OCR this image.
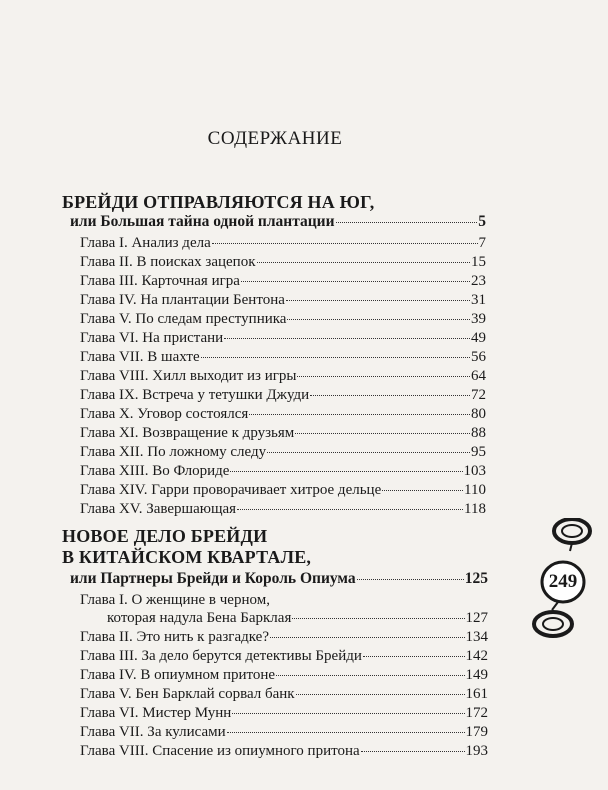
СОДЕРЖАНИЕ
БРЕЙДИ ОТПРАВЛЯЮТСЯ НА ЮГ,
или Большая тайна одной плантации	5
Глава I. Анализ дела	7
Глава II. В поисках зацепок	15
Глава III. Карточная игра	23
Глава IV. На плантации Бентона	31
Глава V. По следам преступника	39
Глава VI. На пристани	49
Глава VII. В шахте	56
Глава VIII. Хилл выходит из игры	64
Глава IX. Встреча у тетушки Джуди	72
Глава X. Уговор состоялся	80
Глава XI. Возвращение к друзьям	88
Глава XII. По ложному следу	95
Глава XIII. Во Флориде	103
Глава XIV. Гарри проворачивает хитрое дельце	110
Глава XV. Завершающая	118
НОВОЕ ДЕЛО БРЕЙДИ
В КИТАЙСКОМ КВАРТАЛЕ,
или Партнеры Брейди и Король Опиума	125
Глава I. О женщине в черном,
которая надула Бена Барклая	127
Глава II. Это нить к разгадке?	134
Глава III. За дело берутся детективы Брейди	142
Глава IV. В опиумном притоне	149
Глава V. Бен Барклай сорвал банк	161
Глава VI. Мистер Мунн	172
Глава VII. За кулисами	179
Глава VIII. Спасение из опиумного притона	193
249
